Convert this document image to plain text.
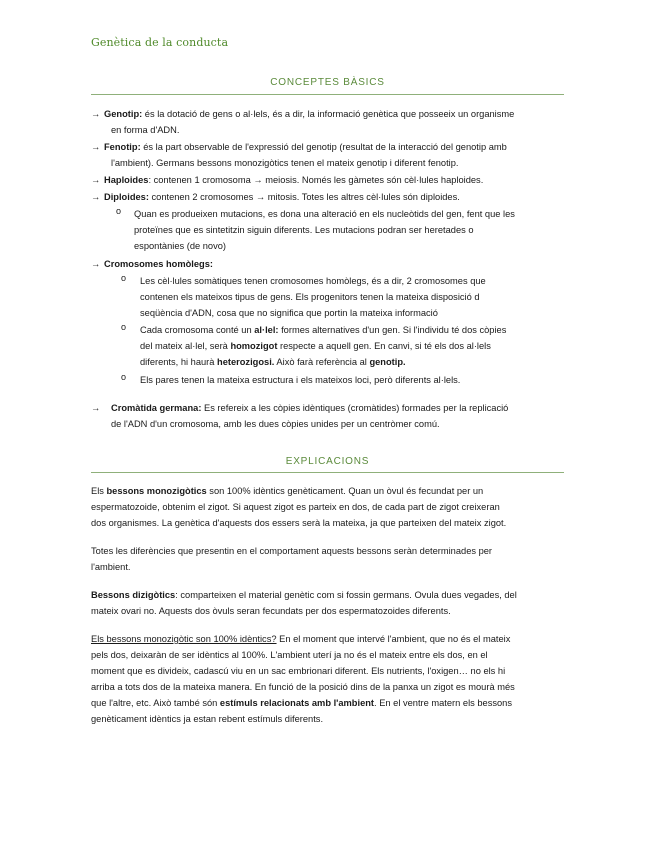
Genètica de la conducta
CONCEPTES BÀSICS
→ Genotip: és la dotació de gens o al·lels, és a dir, la informació genètica que posseeix un organisme
en forma d'ADN.
→ Fenotip: és la part observable de l'expressió del genotip (resultat de la interacció del genotip amb
l'ambient). Germans bessons monozigòtics tenen el mateix genotip i diferent fenotip.
→ Haploides: contenen 1 cromosoma → meiosis. Només les gàmetes són cèl·lules haploides.
→ Diploides: contenen 2 cromosomes → mitosis. Totes les altres cèl·lules són diploides.
o Quan es produeixen mutacions, es dona una alteració en els nucleòtids del gen, fent que les
proteïnes que es sintetitzin siguin diferents. Les mutacions podran ser heretades o
espontànies (de novo)
→ Cromosomes homòlegs:
o Les cèl·lules somàtiques tenen cromosomes homòlegs, és a dir, 2 cromosomes que
contenen els mateixos tipus de gens. Els progenitors tenen la mateixa disposició d
seqüència d'ADN, cosa que no significa que portin la mateixa informació
o Cada cromosoma conté un al·lel: formes alternatives d'un gen. Si l'individu té dos còpies
del mateix al·lel, serà homozigot respecte a aquell gen. En canvi, si té els dos al·lels
diferents, hi haurà heterozigosi. Això farà referència al genotip.
o Els pares tenen la mateixa estructura i els mateixos loci, però diferents al·lels.
→ Cromàtida germana: Es refereix a les còpies idèntiques (cromàtides) formades per la replicació
de l'ADN d'un cromosoma, amb les dues còpies unides per un centròmer comú.
EXPLICACIONS
Els bessons monozigòtics son 100% idèntics genèticament. Quan un òvul és fecundat per un
espermatozoide, obtenim el zigot. Si aquest zigot es parteix en dos, de cada part de zigot creixeran
dos organismes. La genètica d'aquests dos essers serà la mateixa, ja que parteixen del mateix zigot.
Totes les diferències que presentin en el comportament aquests bessons seràn determinades per
l'ambient.
Bessons dizigòtics: comparteixen el material genètic com si fossin germans. Ovula dues vegades, del
mateix ovari no. Aquests dos òvuls seran fecundats per dos espermatozoides diferents.
Els bessons monozigòtic son 100% idèntics? En el moment que intervé l'ambient, que no és el mateix
pels dos, deixaràn de ser idèntics al 100%. L'ambient uterí ja no és el mateix entre els dos, en el
moment que es divideix, cadascú viu en un sac embrionari diferent. Els nutrients, l'oxigen… no els hi
arriba a tots dos de la mateixa manera. En funció de la posició dins de la panxa un zigot es mourà més
que l'altre, etc. Això també són estímuls relacionats amb l'ambient. En el ventre matern els bessons
genèticament idèntics ja estan rebent estímuls diferents.
